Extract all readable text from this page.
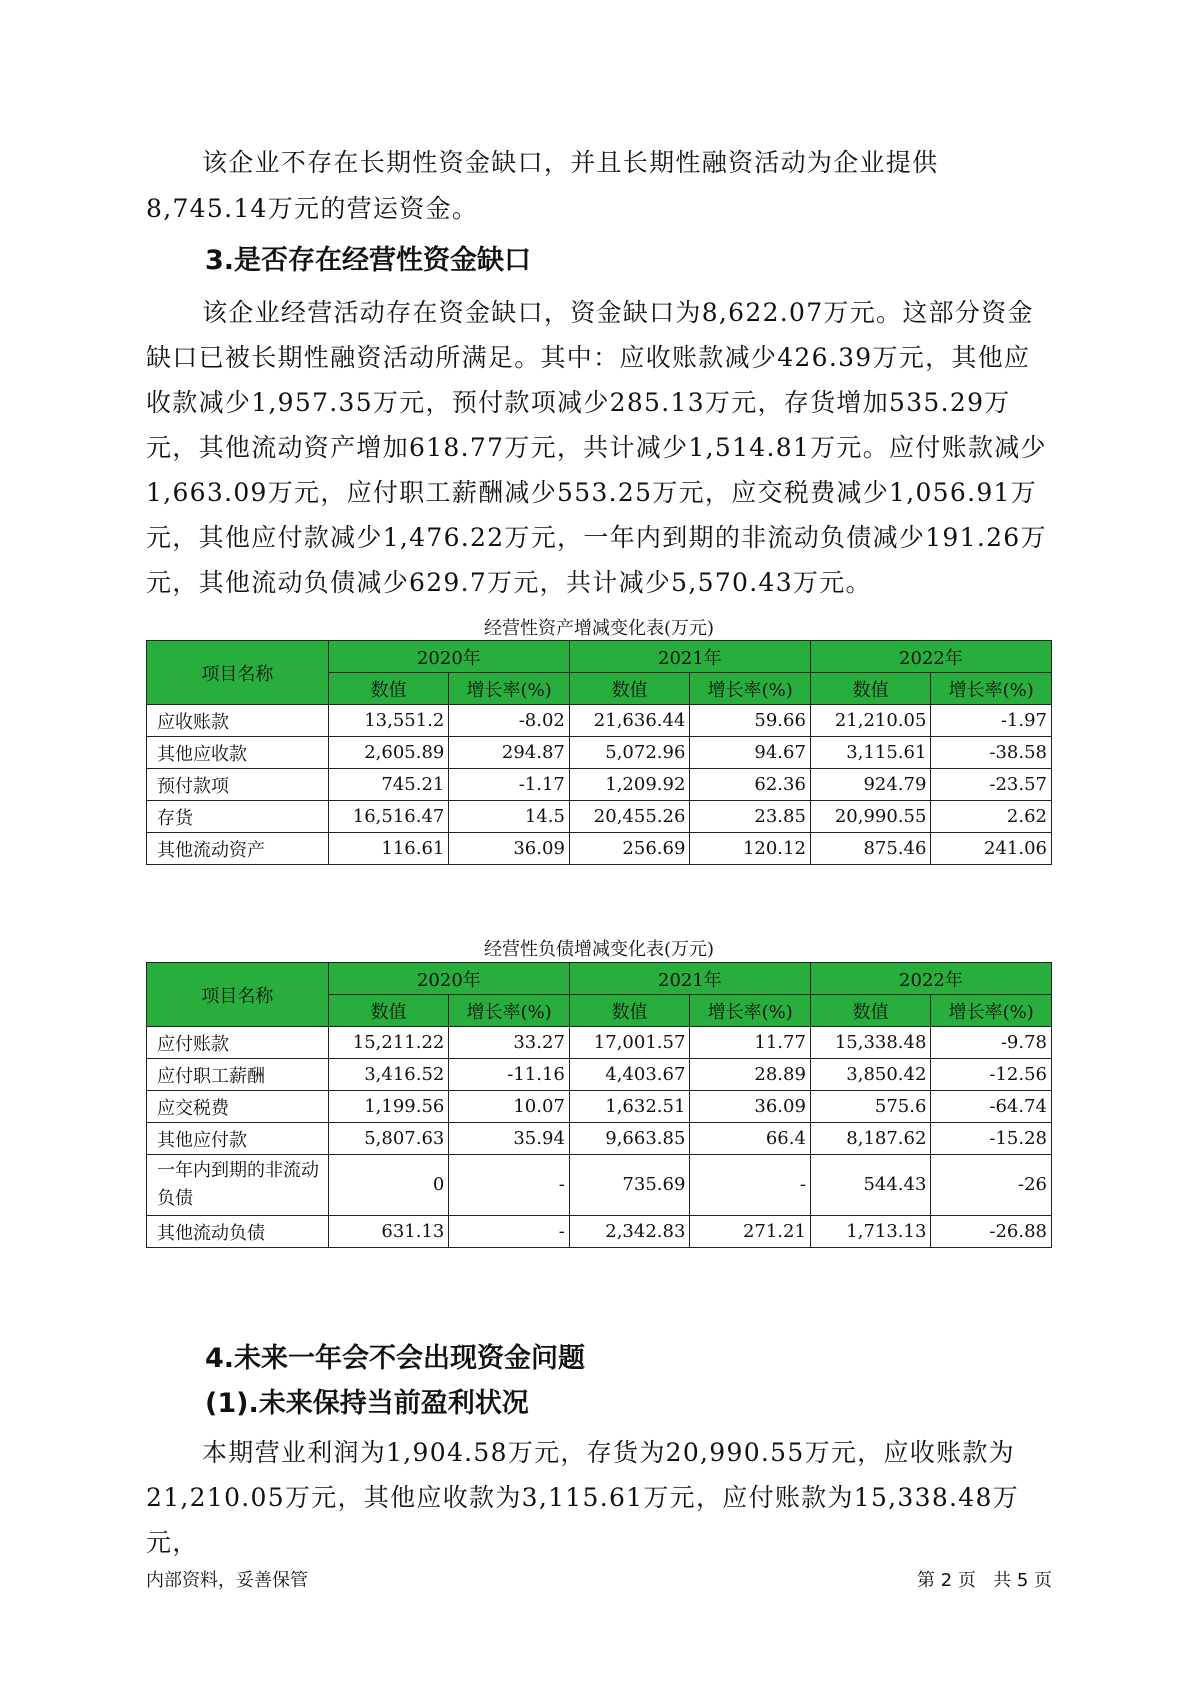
该企业不存在长期性资金缺口，并且长期性融资活动为企业提供

8,745.14万元的营运资金。

3.是否存在经营性资金缺口

该企业经营活动存在资金缺口，资金缺口为8,622.07万元。这部分资金缺口已被长期性融资活动所满足。其中：应收账款减少426.39万元，其他应收款减少1,957.35万元，预付款项减少285.13万元，存货增加535.29万元，其他流动资产增加618.77万元，共计减少1,514.81万元。应付账款减少1,663.09万元，应付职工薪酬减少553.25万元，应交税费减少1,056.91万元，其他应付款减少1,476.22万元，一年内到期的非流动负债减少191.26万元，其他流动负债减少629.7万元，共计减少5,570.43万元。

经营性资产增减变化表(万元)

项目名称	2020年		2021年		2022年	
	数值	增长率(%)	数值	增长率(%)	数值	增长率(%)
应收账款	13,551.2	-8.02	21,636.44	59.66	21,210.05	-1.97
其他应收款	2,605.89	294.87	5,072.96	94.67	3,115.61	-38.58
预付款项	745.21	-1.17	1,209.92	62.36	924.79	-23.57
存货	16,516.47	14.5	20,455.26	23.85	20,990.55	2.62
其他流动资产	116.61	36.09	256.69	120.12	875.46	241.06

经营性负债增减变化表(万元)

项目名称	2020年		2021年		2022年	
	数值	增长率(%)	数值	增长率(%)	数值	增长率(%)
应付账款	15,211.22	33.27	17,001.57	11.77	15,338.48	-9.78
应付职工薪酬	3,416.52	-11.16	4,403.67	28.89	3,850.42	-12.56
应交税费	1,199.56	10.07	1,632.51	36.09	575.6	-64.74
其他应付款	5,807.63	35.94	9,663.85	66.4	8,187.62	-15.28
一年内到期的非流动负债	0	-	735.69	-	544.43	-26
其他流动负债	631.13	-	2,342.83	271.21	1,713.13	-26.88
4.未来一年会不会出现资金问题
(1).未来保持当前盈利状况

本期营业利润为1,904.58万元，存货为20,990.55万元，应收账款为21,210.05万元，其他应收款为3,115.61万元，应付账款为15,338.48万元，

内部资料，妥善保管	第 2 页   共 5 页
